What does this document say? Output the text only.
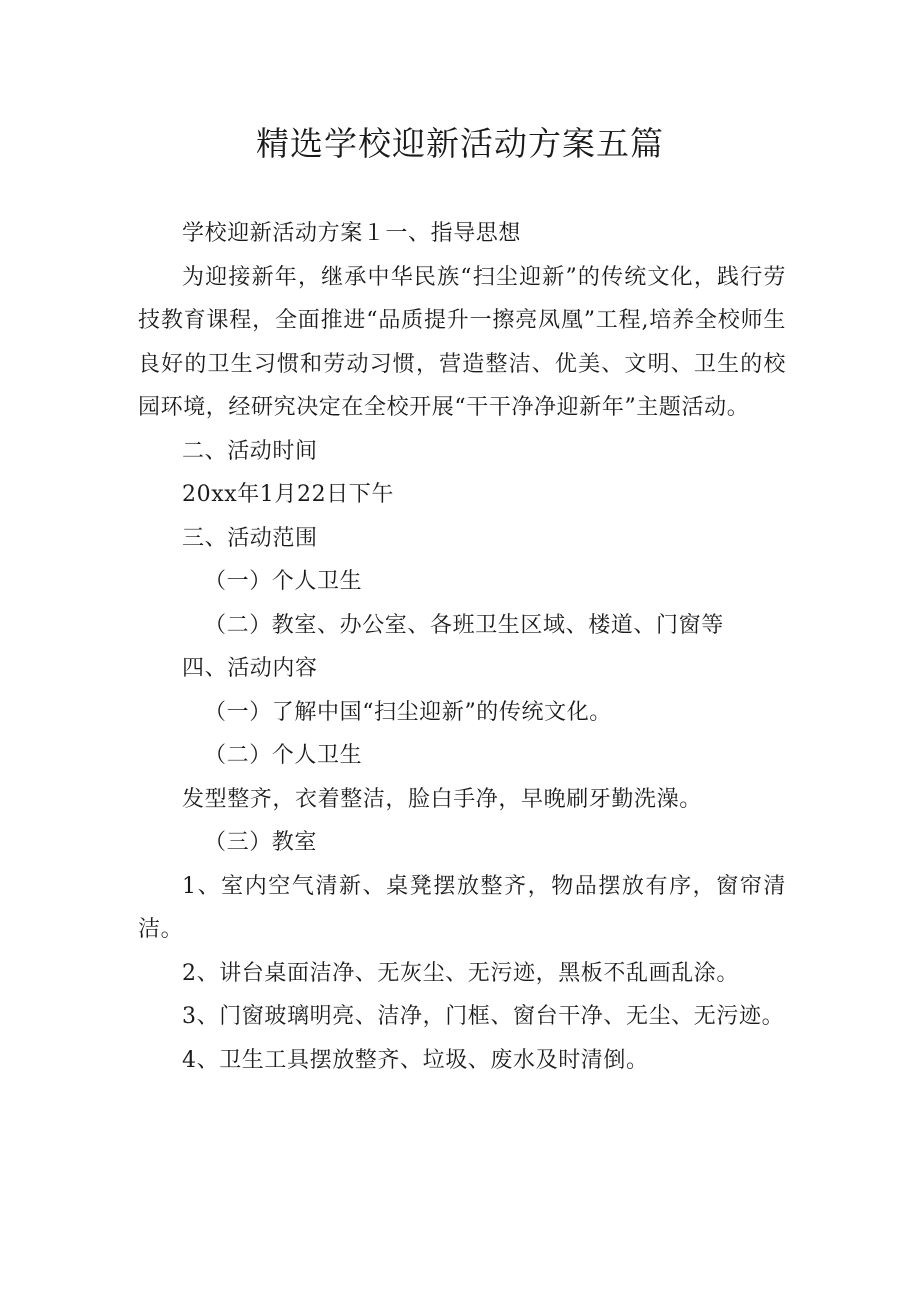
精选学校迎新活动方案五篇

学校迎新活动方案１一、指导思想

为迎接新年，继承中华民族“扫尘迎新”的传统文化，践行劳技教育课程，全面推进“品质提升一擦亮凤凰”工程,培养全校师生良好的卫生习惯和劳动习惯，营造整洁、优美、文明、卫生的校园环境，经研究决定在全校开展“干干净净迎新年”主题活动。

二、活动时间

20xx年1月22日下午

三、活动范围

（一）个人卫生

（二）教室、办公室、各班卫生区域、楼道、门窗等

四、活动内容

（一）了解中国“扫尘迎新”的传统文化。

（二）个人卫生

发型整齐，衣着整洁，脸白手净，早晚刷牙勤洗澡。

（三）教室

1、室内空气清新、桌凳摆放整齐，物品摆放有序，窗帘清洁。

2、讲台桌面洁净、无灰尘、无污迹，黑板不乱画乱涂。

3、门窗玻璃明亮、洁净，门框、窗台干净、无尘、无污迹。

4、卫生工具摆放整齐、垃圾、废水及时清倒。
